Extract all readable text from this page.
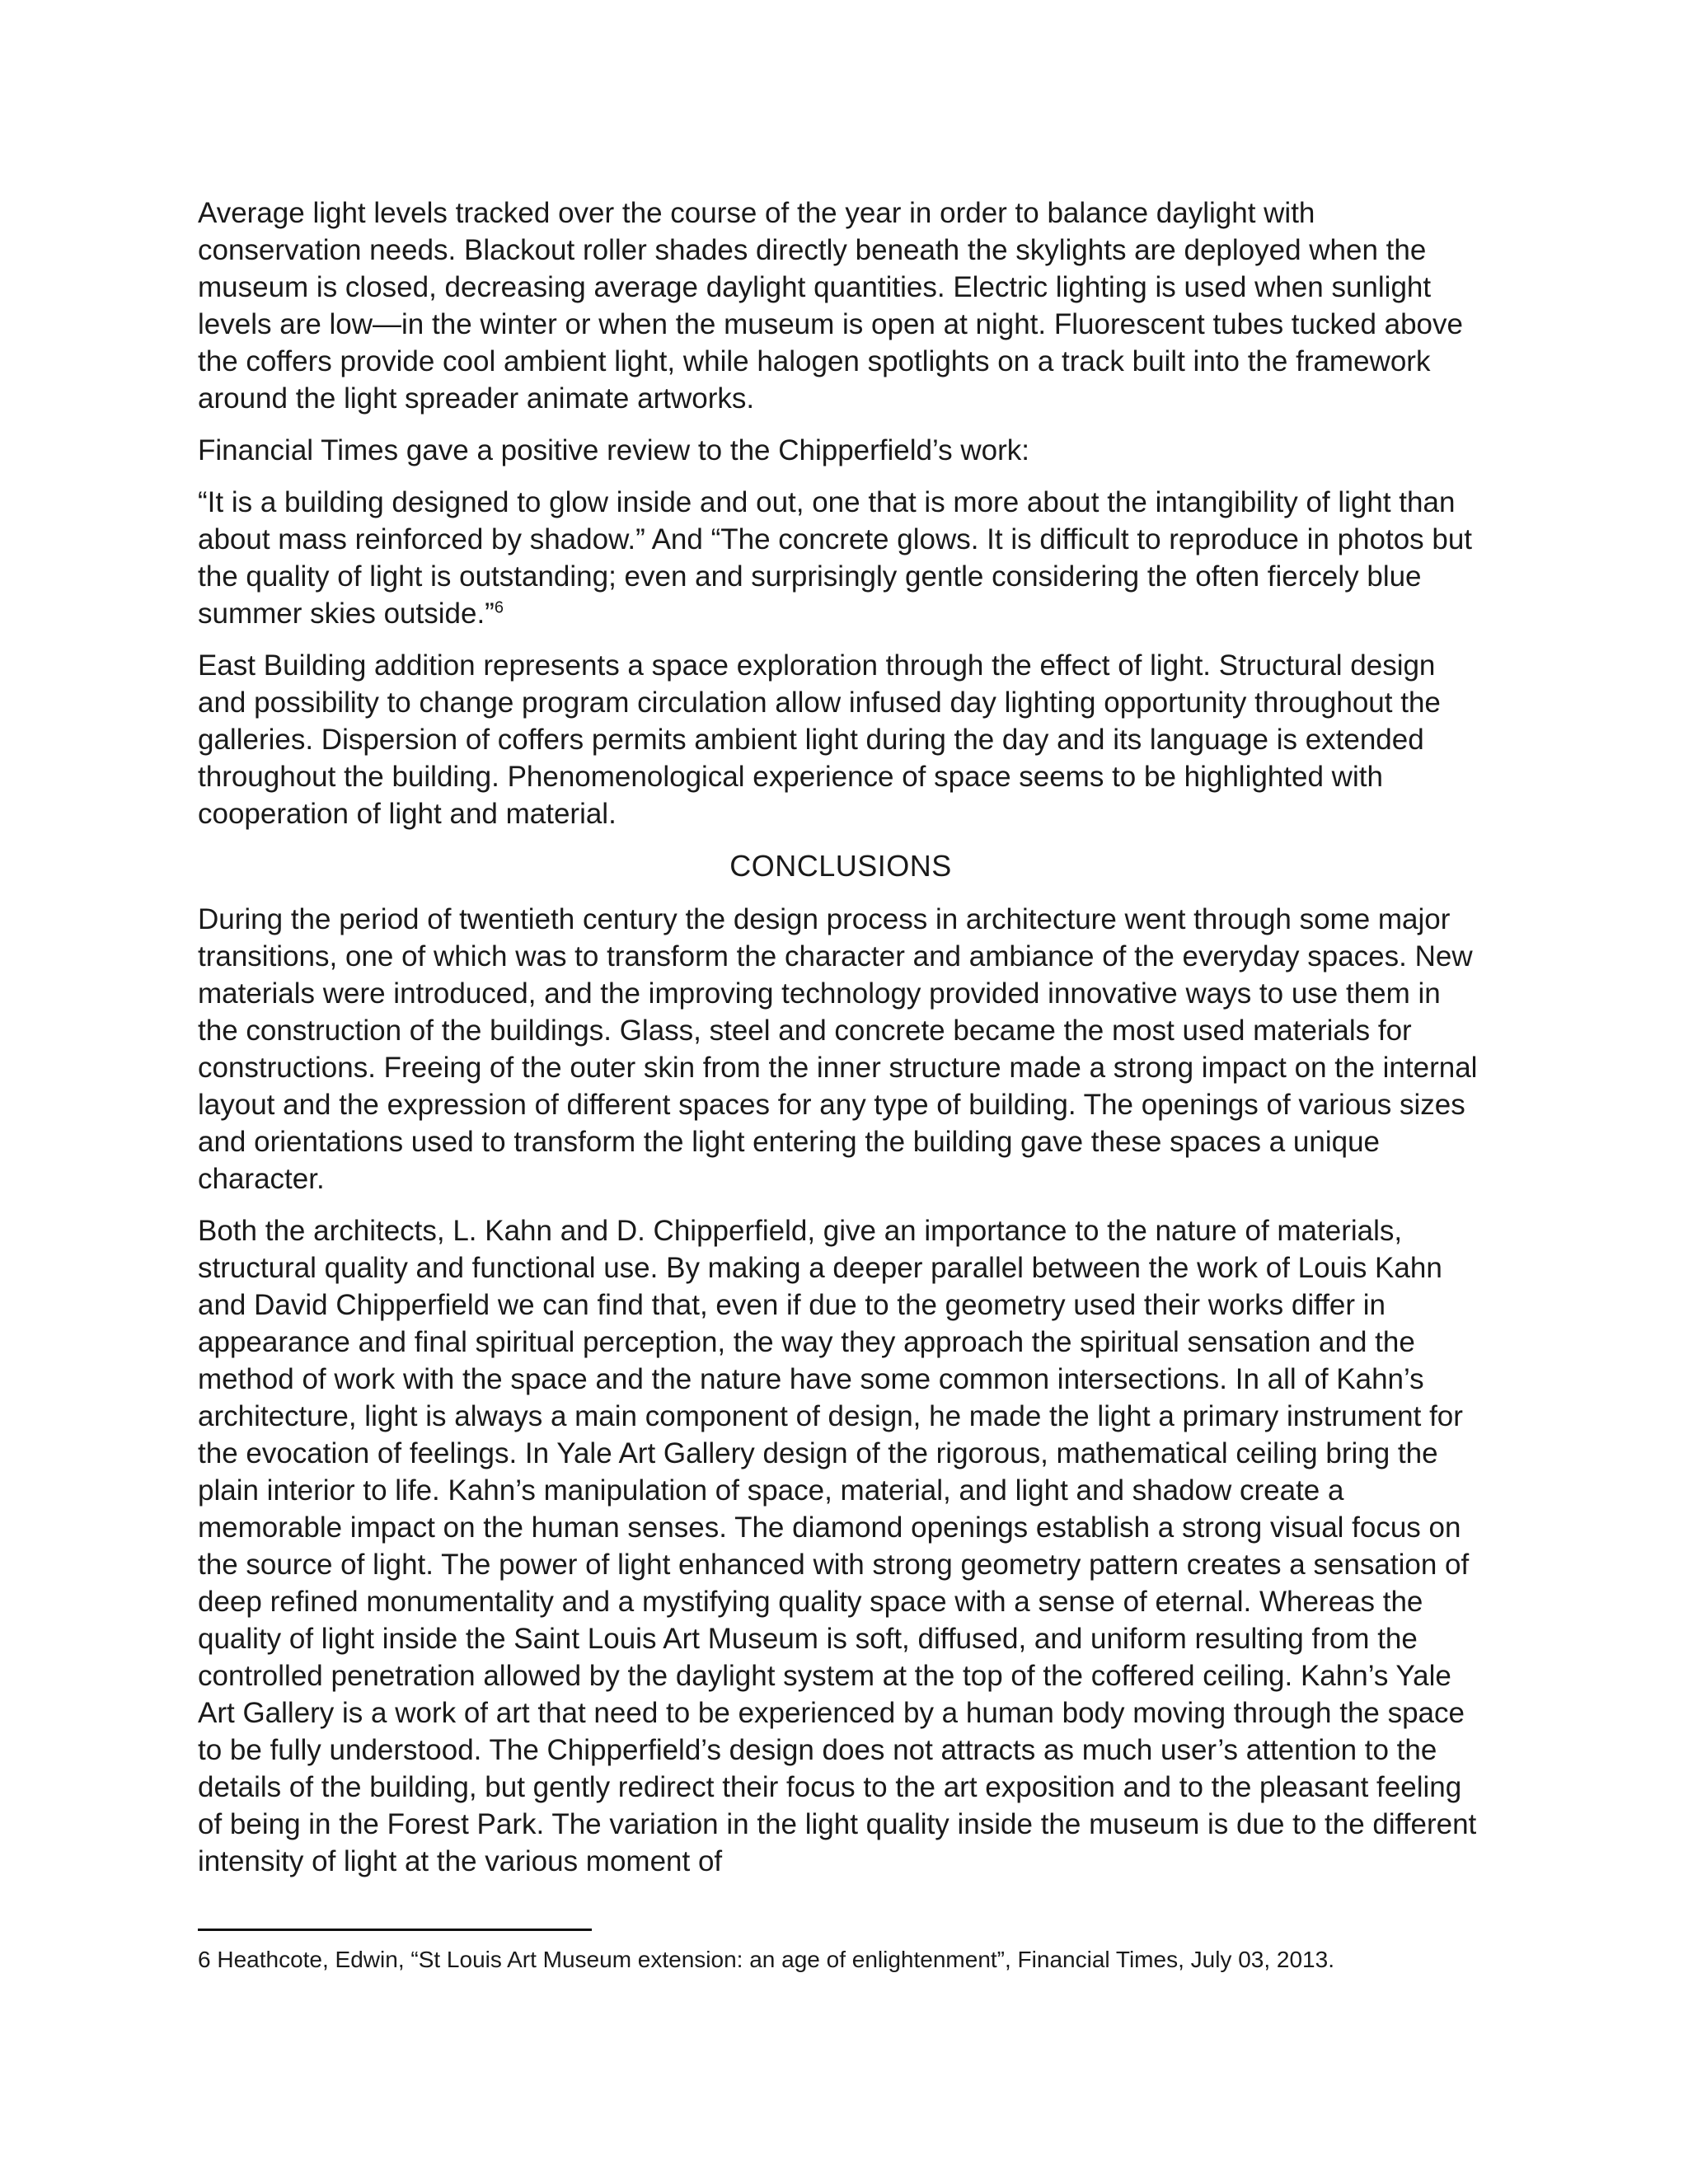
Average light levels tracked over the course of the year in order to balance daylight with conservation needs. Blackout roller shades directly beneath the skylights are deployed when the museum is closed, decreasing average daylight quantities. Electric lighting is used when sunlight levels are low—in the winter or when the museum is open at night. Fluorescent tubes tucked above the coffers provide cool ambient light, while halogen spotlights on a track built into the framework around the light spreader animate artworks.

Financial Times gave a positive review to the Chipperfield’s work:

“It is a building designed to glow inside and out, one that is more about the intangibility of light than about mass reinforced by shadow.” And “The concrete glows. It is difficult to reproduce in photos but the quality of light is outstanding; even and surprisingly gentle considering the often fiercely blue summer skies outside.”$^6$

East Building addition represents a space exploration through the effect of light. Structural design and possibility to change program circulation allow infused day lighting opportunity throughout the galleries. Dispersion of coffers permits ambient light during the day and its language is extended throughout the building. Phenomenological experience of space seems to be highlighted with cooperation of light and material.

CONCLUSIONS

During the period of twentieth century the design process in architecture went through some major transitions, one of which was to transform the character and ambiance of the everyday spaces. New materials were introduced, and the improving technology provided innovative ways to use them in the construction of the buildings. Glass, steel and concrete became the most used materials for constructions. Freeing of the outer skin from the inner structure made a strong impact on the internal layout and the expression of different spaces for any type of building. The openings of various sizes and orientations used to transform the light entering the building gave these spaces a unique character.

Both the architects, L. Kahn and D. Chipperfield, give an importance to the nature of materials, structural quality and functional use. By making a deeper parallel between the work of Louis Kahn and David Chipperfield we can find that, even if due to the geometry used their works differ in appearance and final spiritual perception, the way they approach the spiritual sensation and the method of work with the space and the nature have some common intersections. In all of Kahn’s architecture, light is always a main component of design, he made the light a primary instrument for the evocation of feelings. In Yale Art Gallery design of the rigorous, mathematical ceiling bring the plain interior to life. Kahn’s manipulation of space, material, and light and shadow create a memorable impact on the human senses. The diamond openings establish a strong visual focus on the source of light. The power of light enhanced with strong geometry pattern creates a sensation of deep refined monumentality and a mystifying quality space with a sense of eternal. Whereas the quality of light inside the Saint Louis Art Museum is soft, diffused, and uniform resulting from the controlled penetration allowed by the daylight system at the top of the coffered ceiling. Kahn’s Yale Art Gallery is a work of art that need to be experienced by a human body moving through the space to be fully understood. The Chipperfield’s design does not attracts as much user’s attention to the details of the building, but gently redirect their focus to the art exposition and to the pleasant feeling of being in the Forest Park. The variation in the light quality inside the museum is due to the different intensity of light at the various moment of

6 Heathcote, Edwin, “St Louis Art Museum extension: an age of enlightenment”, Financial Times, July 03, 2013.
